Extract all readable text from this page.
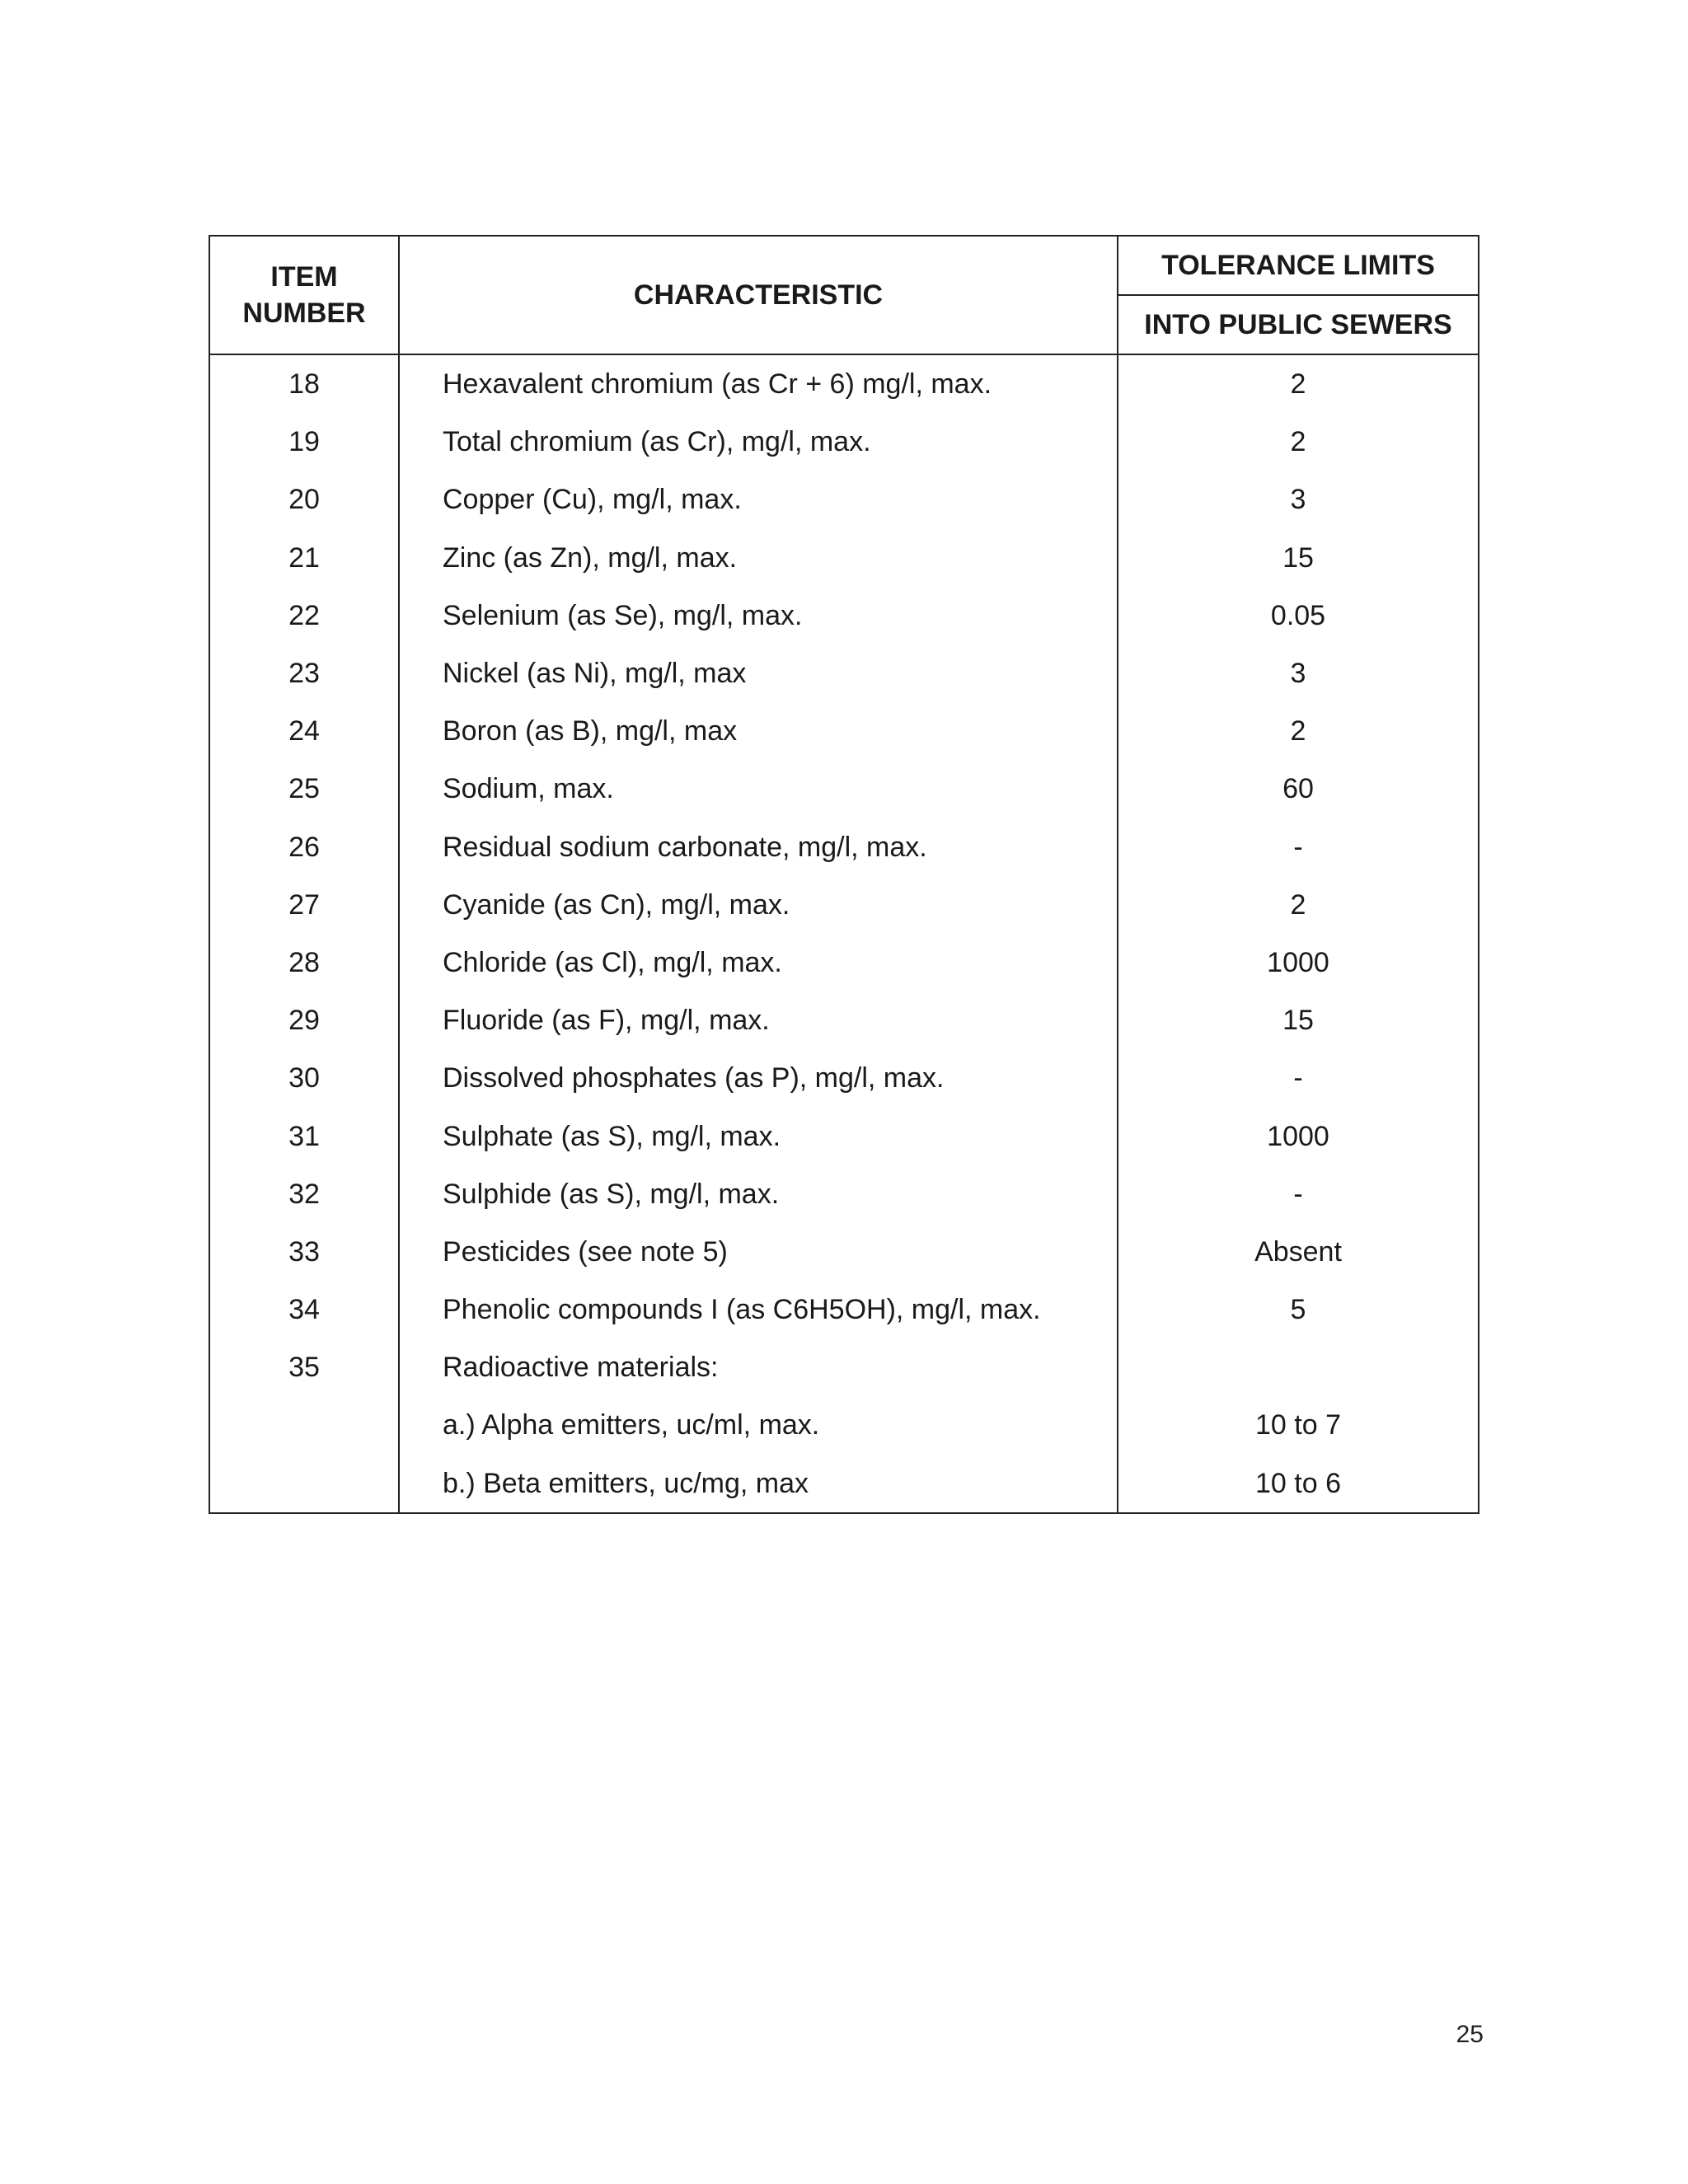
ITEM
NUMBER	CHARACTERISTIC	TOLERANCE LIMITS
		INTO PUBLIC SEWERS
18	Hexavalent chromium (as Cr + 6) mg/l, max.	2
19	Total chromium (as Cr), mg/l, max.	2
20	Copper (Cu), mg/l, max.	3
21	Zinc (as Zn), mg/l, max.	15
22	Selenium (as Se), mg/l, max.	0.05
23	Nickel (as Ni), mg/l, max	3
24	Boron (as B), mg/l, max	2
25	Sodium, max.	60
26	Residual sodium carbonate, mg/l, max.	-
27	Cyanide (as Cn), mg/l, max.	2
28	Chloride (as Cl), mg/l, max.	1000
29	Fluoride (as F), mg/l, max.	15
30	Dissolved phosphates (as P), mg/l, max.	-
31	Sulphate (as S), mg/l, max.	1000
32	Sulphide (as S), mg/l, max.	-
33	Pesticides (see note 5)	Absent
34	Phenolic compounds I (as C6H5OH), mg/l, max.	5
35	Radioactive materials:	
	a.) Alpha emitters, uc/ml, max.	10 to 7
	b.) Beta emitters, uc/mg, max	10 to 6
25
